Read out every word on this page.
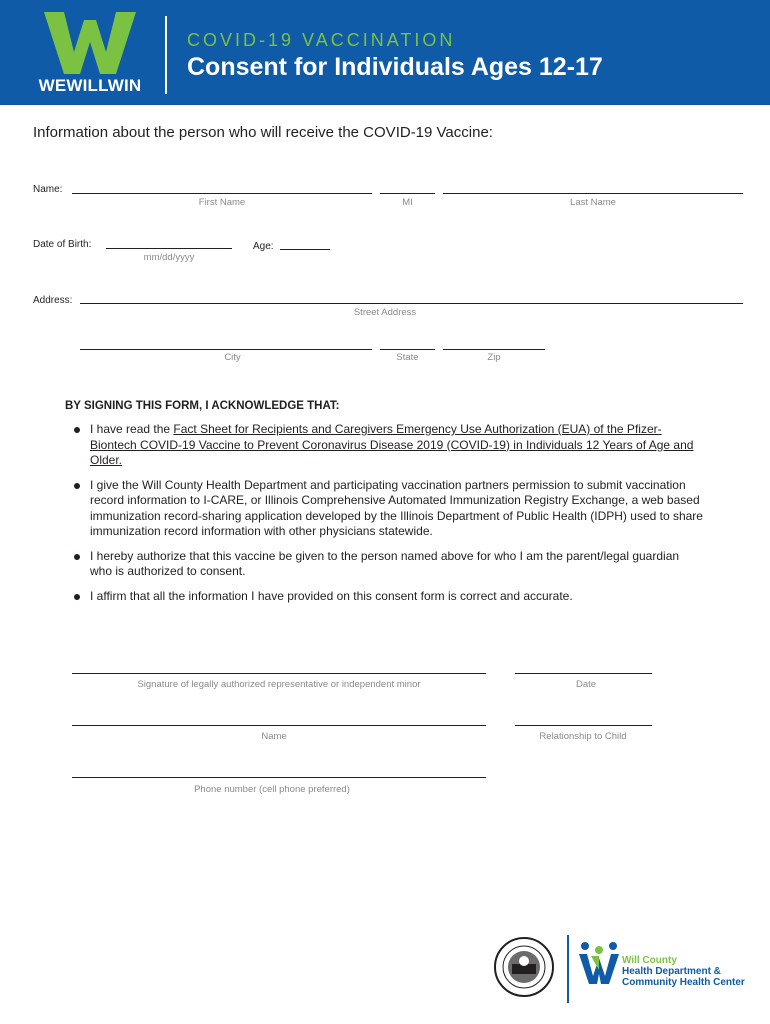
WEWILLWIN
COVID-19 VACCINATION
Consent for Individuals Ages 12-17
Information about the person who will receive the COVID-19 Vaccine:
Name:
First Name	MI	Last Name
Date of Birth:
mm/dd/yyyy
Age:
Address:
Street Address
City	State	Zip
BY SIGNING THIS FORM, I ACKNOWLEDGE THAT:
I have read the Fact Sheet for Recipients and Caregivers Emergency Use Authorization (EUA) of the Pfizer-Biontech COVID-19 Vaccine to Prevent Coronavirus Disease 2019 (COVID-19) in Individuals 12 Years of Age and Older.
I give the Will County Health Department and participating vaccination partners permission to submit vaccination record information to I-CARE, or Illinois Comprehensive Automated Immunization Registry Exchange, a web based immunization record-sharing application developed by the Illinois Department of Public Health (IDPH) used to share immunization record information with other physicians statewide.
I hereby authorize that this vaccine be given to the person named above for who I am the parent/legal guardian who is authorized to consent.
I affirm that all the information I have provided on this consent form is correct and accurate.
Signature of legally authorized representative or independent minor	Date
Name	Relationship to Child
Phone number (cell phone preferred)
Will County
Health Department &
Community Health Center
